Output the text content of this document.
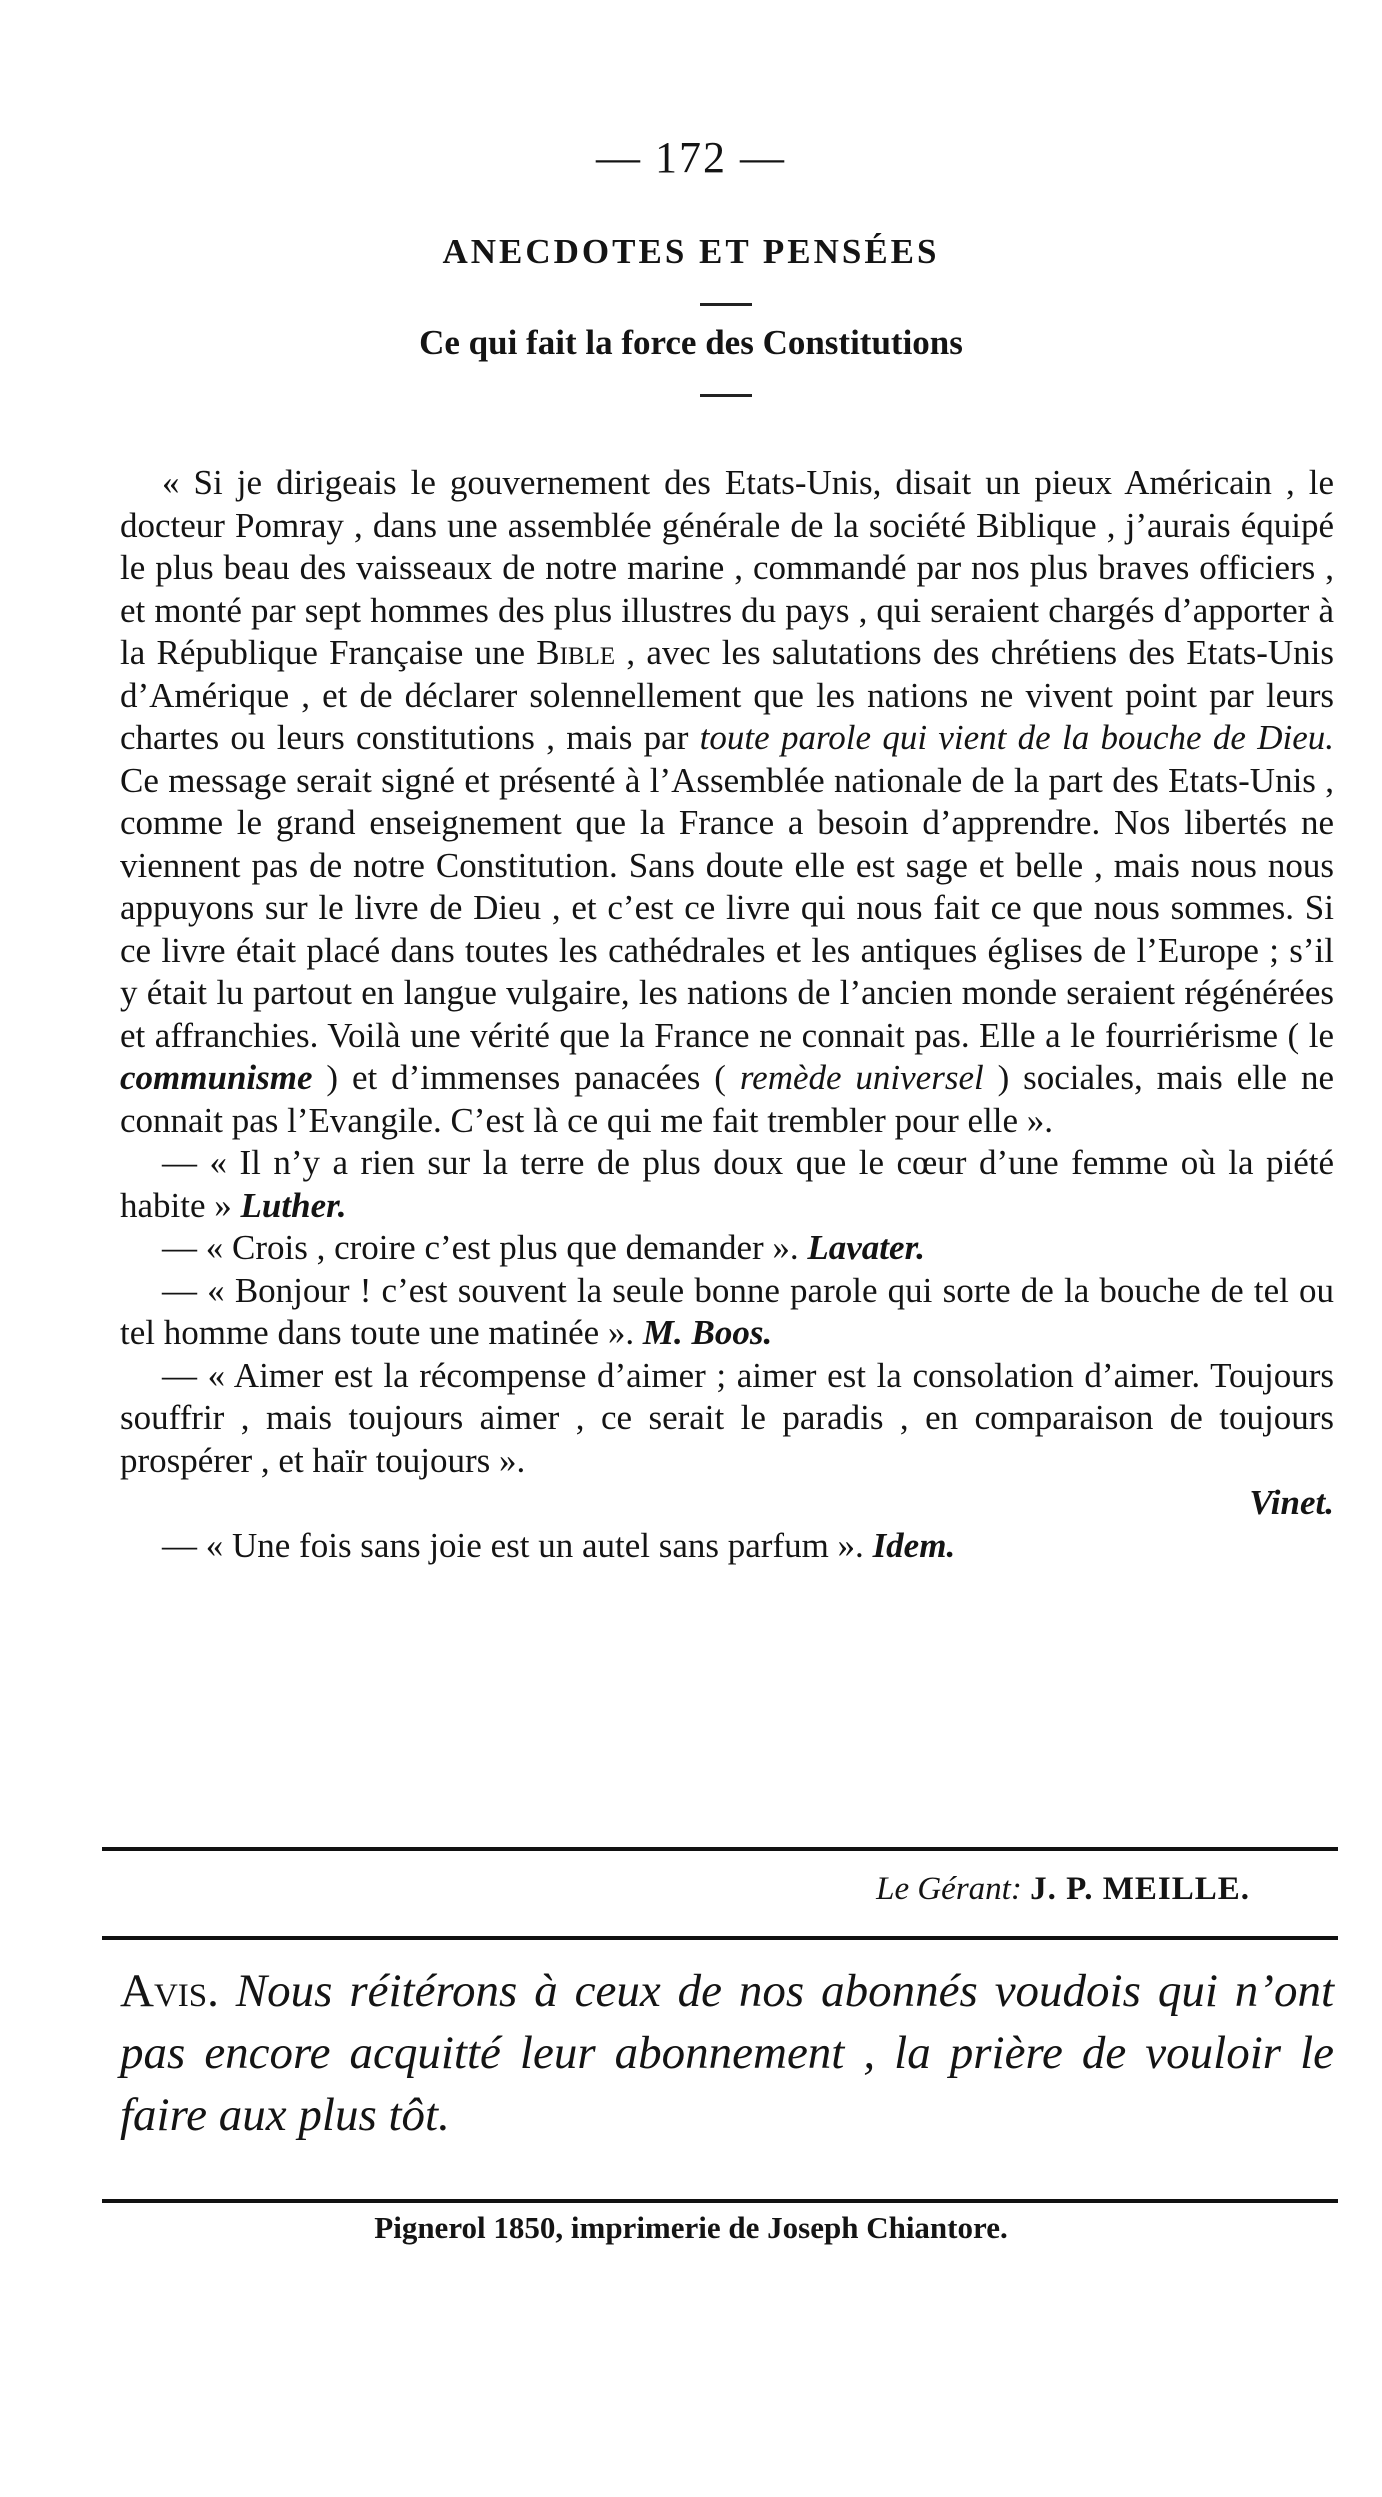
— 172 —
ANECDOTES ET PENSÉES
Ce qui fait la force des Constitutions

« Si je dirigeais le gouvernement des Etats-Unis, disait un pieux Américain , le docteur Pomray , dans une assemblée générale de la société Biblique , j’aurais équipé le plus beau des vaisseaux de notre marine , commandé par nos plus braves officiers , et monté par sept hommes des plus illustres du pays , qui seraient chargés d’apporter à la République Française une Bible , avec les salutations des chrétiens des Etats-Unis d’Amérique , et de déclarer solennellement que les nations ne vivent point par leurs chartes ou leurs constitutions , mais par toute parole qui vient de la bouche de Dieu. Ce message serait signé et présenté à l’Assemblée nationale de la part des Etats-Unis , comme le grand enseignement que la France a besoin d’apprendre. Nos libertés ne viennent pas de notre Constitution. Sans doute elle est sage et belle , mais nous nous appuyons sur le livre de Dieu , et c’est ce livre qui nous fait ce que nous sommes. Si ce livre était placé dans toutes les cathédrales et les antiques églises de l’Europe ; s’il y était lu partout en langue vulgaire, les nations de l’ancien monde seraient régénérées et affranchies. Voilà une vérité que la France ne connait pas. Elle a le fourriérisme ( le communisme ) et d’immenses panacées ( remède universel ) sociales, mais elle ne connait pas l’Evangile. C’est là ce qui me fait trembler pour elle ».

— « Il n’y a rien sur la terre de plus doux que le cœur d’une femme où la piété habite » Luther.

— « Crois , croire c’est plus que demander ». Lavater.

— « Bonjour ! c’est souvent la seule bonne parole qui sorte de la bouche de tel ou tel homme dans toute une matinée ». M. Boos.

— « Aimer est la récompense d’aimer ; aimer est la consolation d’aimer. Toujours souffrir , mais toujours aimer , ce serait le paradis , en comparaison de toujours prospérer , et haïr toujours ».

Vinet.

— « Une fois sans joie est un autel sans parfum ». Idem.

Le Gérant: J. P. MEILLE.
Avis. Nous réitérons à ceux de nos abonnés voudois qui n’ont pas encore acquitté leur abonnement , la prière de vouloir le faire aux plus tôt.
Pignerol 1850, imprimerie de Joseph Chiantore.
